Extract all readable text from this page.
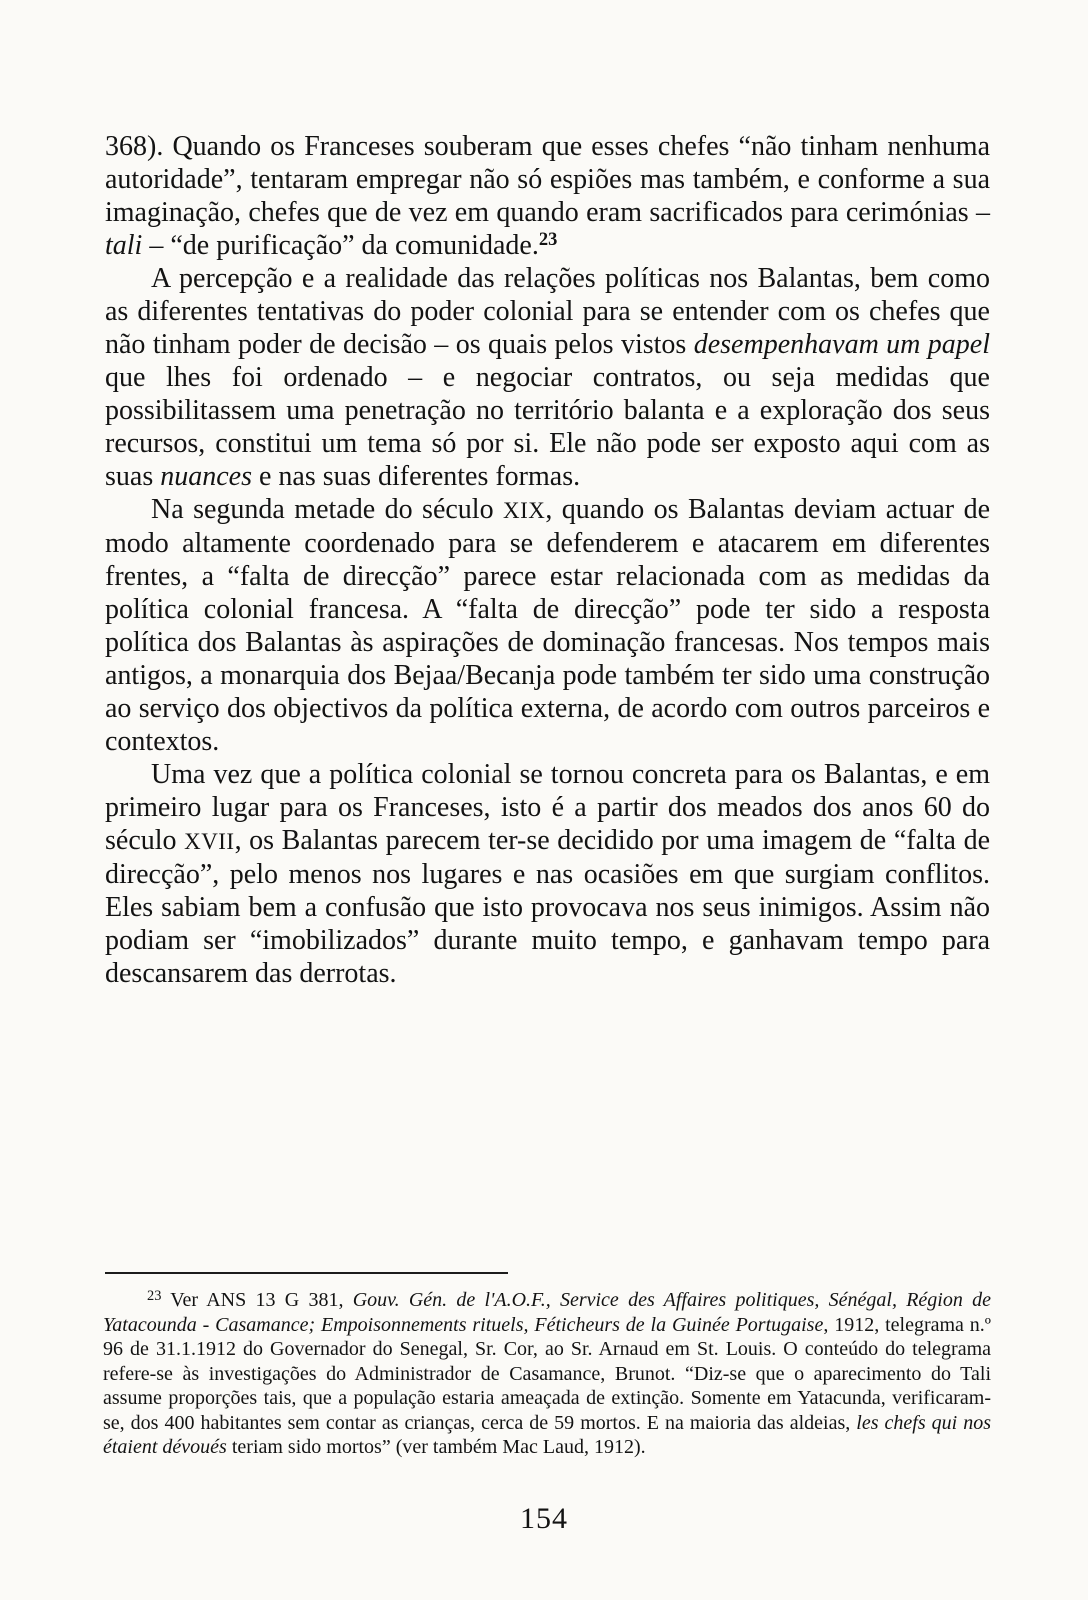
368). Quando os Franceses souberam que esses chefes “não tinham nenhuma autoridade”, tentaram empregar não só espiões mas também, e conforme a sua imaginação, chefes que de vez em quando eram sacrificados para cerimónias – tali – “de purificação” da comunidade.$^{23}$

A percepção e a realidade das relações políticas nos Balantas, bem como as diferentes tentativas do poder colonial para se entender com os chefes que não tinham poder de decisão – os quais pelos vistos desempenhavam um papel que lhes foi ordenado – e negociar contratos, ou seja medidas que possibilitassem uma penetração no território balanta e a exploração dos seus recursos, constitui um tema só por si. Ele não pode ser exposto aqui com as suas nuances e nas suas diferentes formas.

Na segunda metade do século XIX, quando os Balantas deviam actuar de modo altamente coordenado para se defenderem e atacarem em diferentes frentes, a “falta de direcção” parece estar relacionada com as medidas da política colonial francesa. A “falta de direcção” pode ter sido a resposta política dos Balantas às aspirações de dominação francesas. Nos tempos mais antigos, a monarquia dos Bejaa/Becanja pode também ter sido uma construção ao serviço dos objectivos da política externa, de acordo com outros parceiros e contextos.

Uma vez que a política colonial se tornou concreta para os Balantas, e em primeiro lugar para os Franceses, isto é a partir dos meados dos anos 60 do século XVII, os Balantas parecem ter-se decidido por uma imagem de “falta de direcção”, pelo menos nos lugares e nas ocasiões em que surgiam conflitos. Eles sabiam bem a confusão que isto provocava nos seus inimigos. Assim não podiam ser “imobilizados” durante muito tempo, e ganhavam tempo para descansarem das derrotas.

$^{23}$ Ver ANS 13 G 381, Gouv. Gén. de l'A.O.F., Service des Affaires politiques, Sénégal, Région de Yatacounda - Casamance; Empoisonnements rituels, Féticheurs de la Guinée Portugaise, 1912, telegrama n.º 96 de 31.1.1912 do Governador do Senegal, Sr. Cor, ao Sr. Arnaud em St. Louis. O conteúdo do telegrama refere-se às investigações do Administrador de Casamance, Brunot. “Diz-se que o aparecimento do Tali assume proporções tais, que a população estaria ameaçada de extinção. Somente em Yatacunda, verificaram-se, dos 400 habitantes sem contar as crianças, cerca de 59 mortos. E na maioria das aldeias, les chefs qui nos étaient dévoués teriam sido mortos” (ver também Mac Laud, 1912).
154
